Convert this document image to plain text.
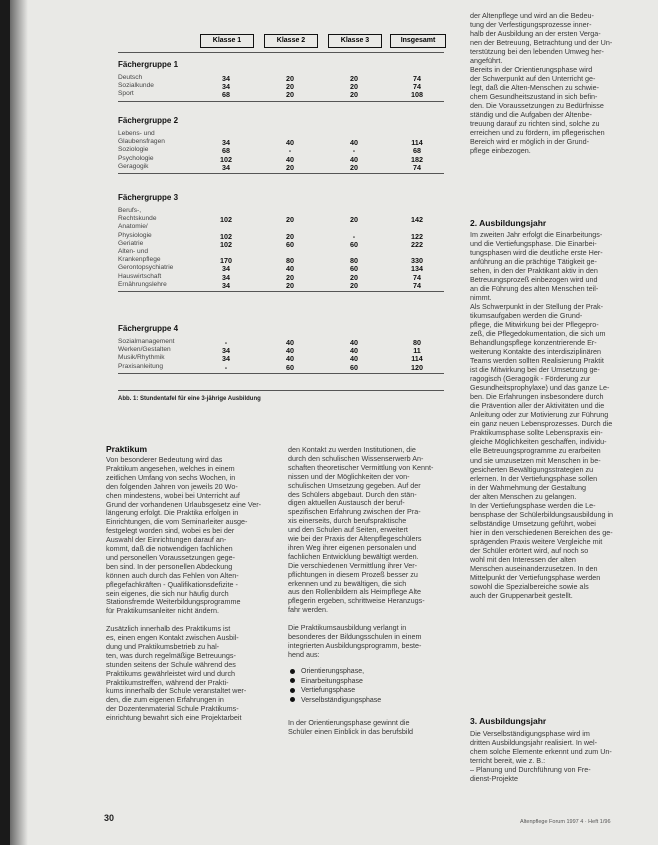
Klasse 1	Klasse 2	Klasse 3	Insgesamt
Fächergruppe 1
Deutsch	34	20	20	74
Sozialkunde	34	20	20	74
Sport	68	20	20	108
Fächergruppe 2
Lebens- und
Glaubensfragen	34	40	40	114
Soziologie	68	-	-	68
Psychologie	102	40	40	182
Geragogik	34	20	20	74
Fächergruppe 3
Berufs-,
Rechtskunde	102	20	20	142
Anatomie/
Physiologie	102	20	-	122
Geriatrie	102	60	60	222
Alten- und
Krankenpflege	170	80	80	330
Gerontopsychiatrie	34	40	60	134
Hauswirtschaft	34	20	20	74
Ernährungslehre	34	20	20	74
Fächergruppe 4
Sozialmanagement	-	40	40	80
Werken/Gestalten	34	40	40	11
Musik/Rhythmik	34	40	40	114
Praxisanleitung	-	60	60	120
Abb. 1: Stundentafel für eine 3-jährige Ausbildung
Praktikum
Von besonderer Bedeutung wird das
Praktikum angesehen, welches in einem
zeitlichen Umfang von sechs Wochen, in
den folgenden Jahren von jeweils 20 Wo-
chen mindestens, wobei bei Unterricht auf
Grund der vorhandenen Urlaubsgesetz eine Ver-
längerung erfolgt. Die Praktika erfolgen in
Einrichtungen, die vom Seminarleiter ausge-
festgelegt worden sind, wobei es bei der
Auswahl der Einrichtungen darauf an-
kommt, daß die notwendigen fachlichen
und personellen Voraussetzungen gege-
ben sind. In der personellen Abdeckung
können auch durch das Fehlen von Alten-
pflegefachkräften - Qualifikationsdefizite -
sein eigenes, die sich nur häufig durch
Stationsfremde Weiterbildungsprogramme
für Praktikumsanleiter nicht ändern.
Zusätzlich innerhalb des Praktikums ist
es, einen engen Kontakt zwischen Ausbil-
dung und Praktikumsbetrieb zu hal-
ten, was durch regelmäßige Betreuungs-
stunden seitens der Schule während des
Praktikums gewährleistet wird und durch
Praktikumstreffen, während der Prakti-
kums innerhalb der Schule veranstaltet wer-
den, die zum eigenen Erfahrungen in
der Dozentenmaterial Schule Praktikums-
einrichtung bewahrt sich eine Projektarbeit
den Kontakt zu werden Institutionen, die
durch den schulischen Wissenserwerb An-
schaften theoretischer Vermittlung von Kennt-
nissen und der Möglichkeiten der von-
schulischen Umsetzung gegeben. Auf der
des Schülers abgebaut. Durch den stän-
digen aktuellen Austausch der beruf-
spezifischen Erfahrung zwischen der Pra-
xis einerseits, durch berufspraktische
und den Schulen auf Seiten, erweitert
wie bei der Praxis der Altenpflegeschülers
ihren Weg ihrer eigenen personalen und
fachlichen Entwicklung bewältigt werden.
Die verschiedenen Vermittlung ihrer Ver-
pflichtungen in diesem Prozeß besser zu
erkennen und zu bewältigen, die sich
aus den Rollenbildern als Heimpflege Alte
pflegerin ergeben, schrittweise Heranzugs-
fahr werden.
Die Praktikumsausbildung verlangt in
besonderes der Bildungsschulen in einem
integrierten Ausbildungsprogramm, beste-
hend aus:
Orientierungsphase,
Einarbeitungsphase
Vertiefungsphase
Verselbständigungsphase
In der Orientierungsphase gewinnt die
Schüler einen Einblick in das berufsbild
der Altenpflege und wird an die Bedeu-
tung der Verfestigungsprozesse inner-
halb der Ausbildung an der ersten Verga-
nen der Betreuung, Betrachtung und der Un-
terstützung bei den lebenden Umweg her-
angeführt.
Bereits in der Orientierungsphase wird
der Schwerpunkt auf den Unterricht ge-
legt, daß die Alten-Menschen zu schwie-
chem Gesundheitszustand in sich befin-
den. Die Voraussetzungen zu Bedürfnisse
ständig und die Aufgaben der Altenbe-
treuung darauf zu richten sind, solche zu
erreichen und zu fördern, im pflegerischen
Bereich wird er möglich in der Grund-
pflege einbezogen.
2. Ausbildungsjahr
Im zweiten Jahr erfolgt die Einarbeitungs-
und die Vertiefungsphase. Die Einarbei-
tungsphasen wird die deutliche erste Her-
anführung an die prächtige Tätigkeit ge-
sehen, in den der Praktikant aktiv in den
Betreuungsprozeß einbezogen wird und
an die Führung des alten Menschen teil-
nimmt.
Als Schwerpunkt in der Stellung der Prak-
tikumsaufgaben werden die Grund-
pflege, die Mitwirkung bei der Pflegepro-
zeß, die Pflegedokumentation, die sich um
Behandlungspflege konzentrierende Er-
weiterung Kontakte des interdisziplinären
Teams werden sollten Realisierung Praktit
ist die Mitwirkung bei der Umsetzung ge-
ragogisch (Geragogik - Förderung zur
Gesundheitsprophylaxe) und das ganze Le-
ben. Die Erfahrungen insbesondere durch
die Prävention aller der Aktivitäten und die
Anleitung oder zur Motivierung zur Führung
ein ganz neuen Lebensprozesses. Durch die
Praktikumsphase sollte Lebenspraxis ein-
gleiche Möglichkeiten geschaffen, individu-
elle Betreuungsprogramme zu erarbeiten
und sie umzusetzen mit Menschen in be-
gesicherten Bewältigungsstrategien zu
erlernen. In der Vertiefungsphase sollen
in der Wahrnehmung der Gestaltung
der alten Menschen zu gelangen.
In der Vertiefungsphase werden die Le-
bensphase der Schülerbildungsausbildung in
selbständige Umsetzung geführt, wobei
hier in den verschiedenen Bereichen des ge-
sprägenden Praxis weitere Vergleiche mit
der Schüler erörtert wird, auf noch so
wohl mit den Interessen der alten
Menschen auseinanderzusetzen. In den
Mittelpunkt der Vertiefungsphase werden
sowohl die Spezialbereiche sowie als
auch der Gruppenarbeit gestellt.
3. Ausbildungsjahr
Die Verselbständigungsphase wird im
dritten Ausbildungsjahr realisiert. In wel-
chem solche Elemente erkennt und zum Un-
terricht bereit, wie z. B.:
– Planung und Durchführung von Fre-
dienst-Projekte
30	Altenpflege Forum 1997 4 · Heft 1/96
